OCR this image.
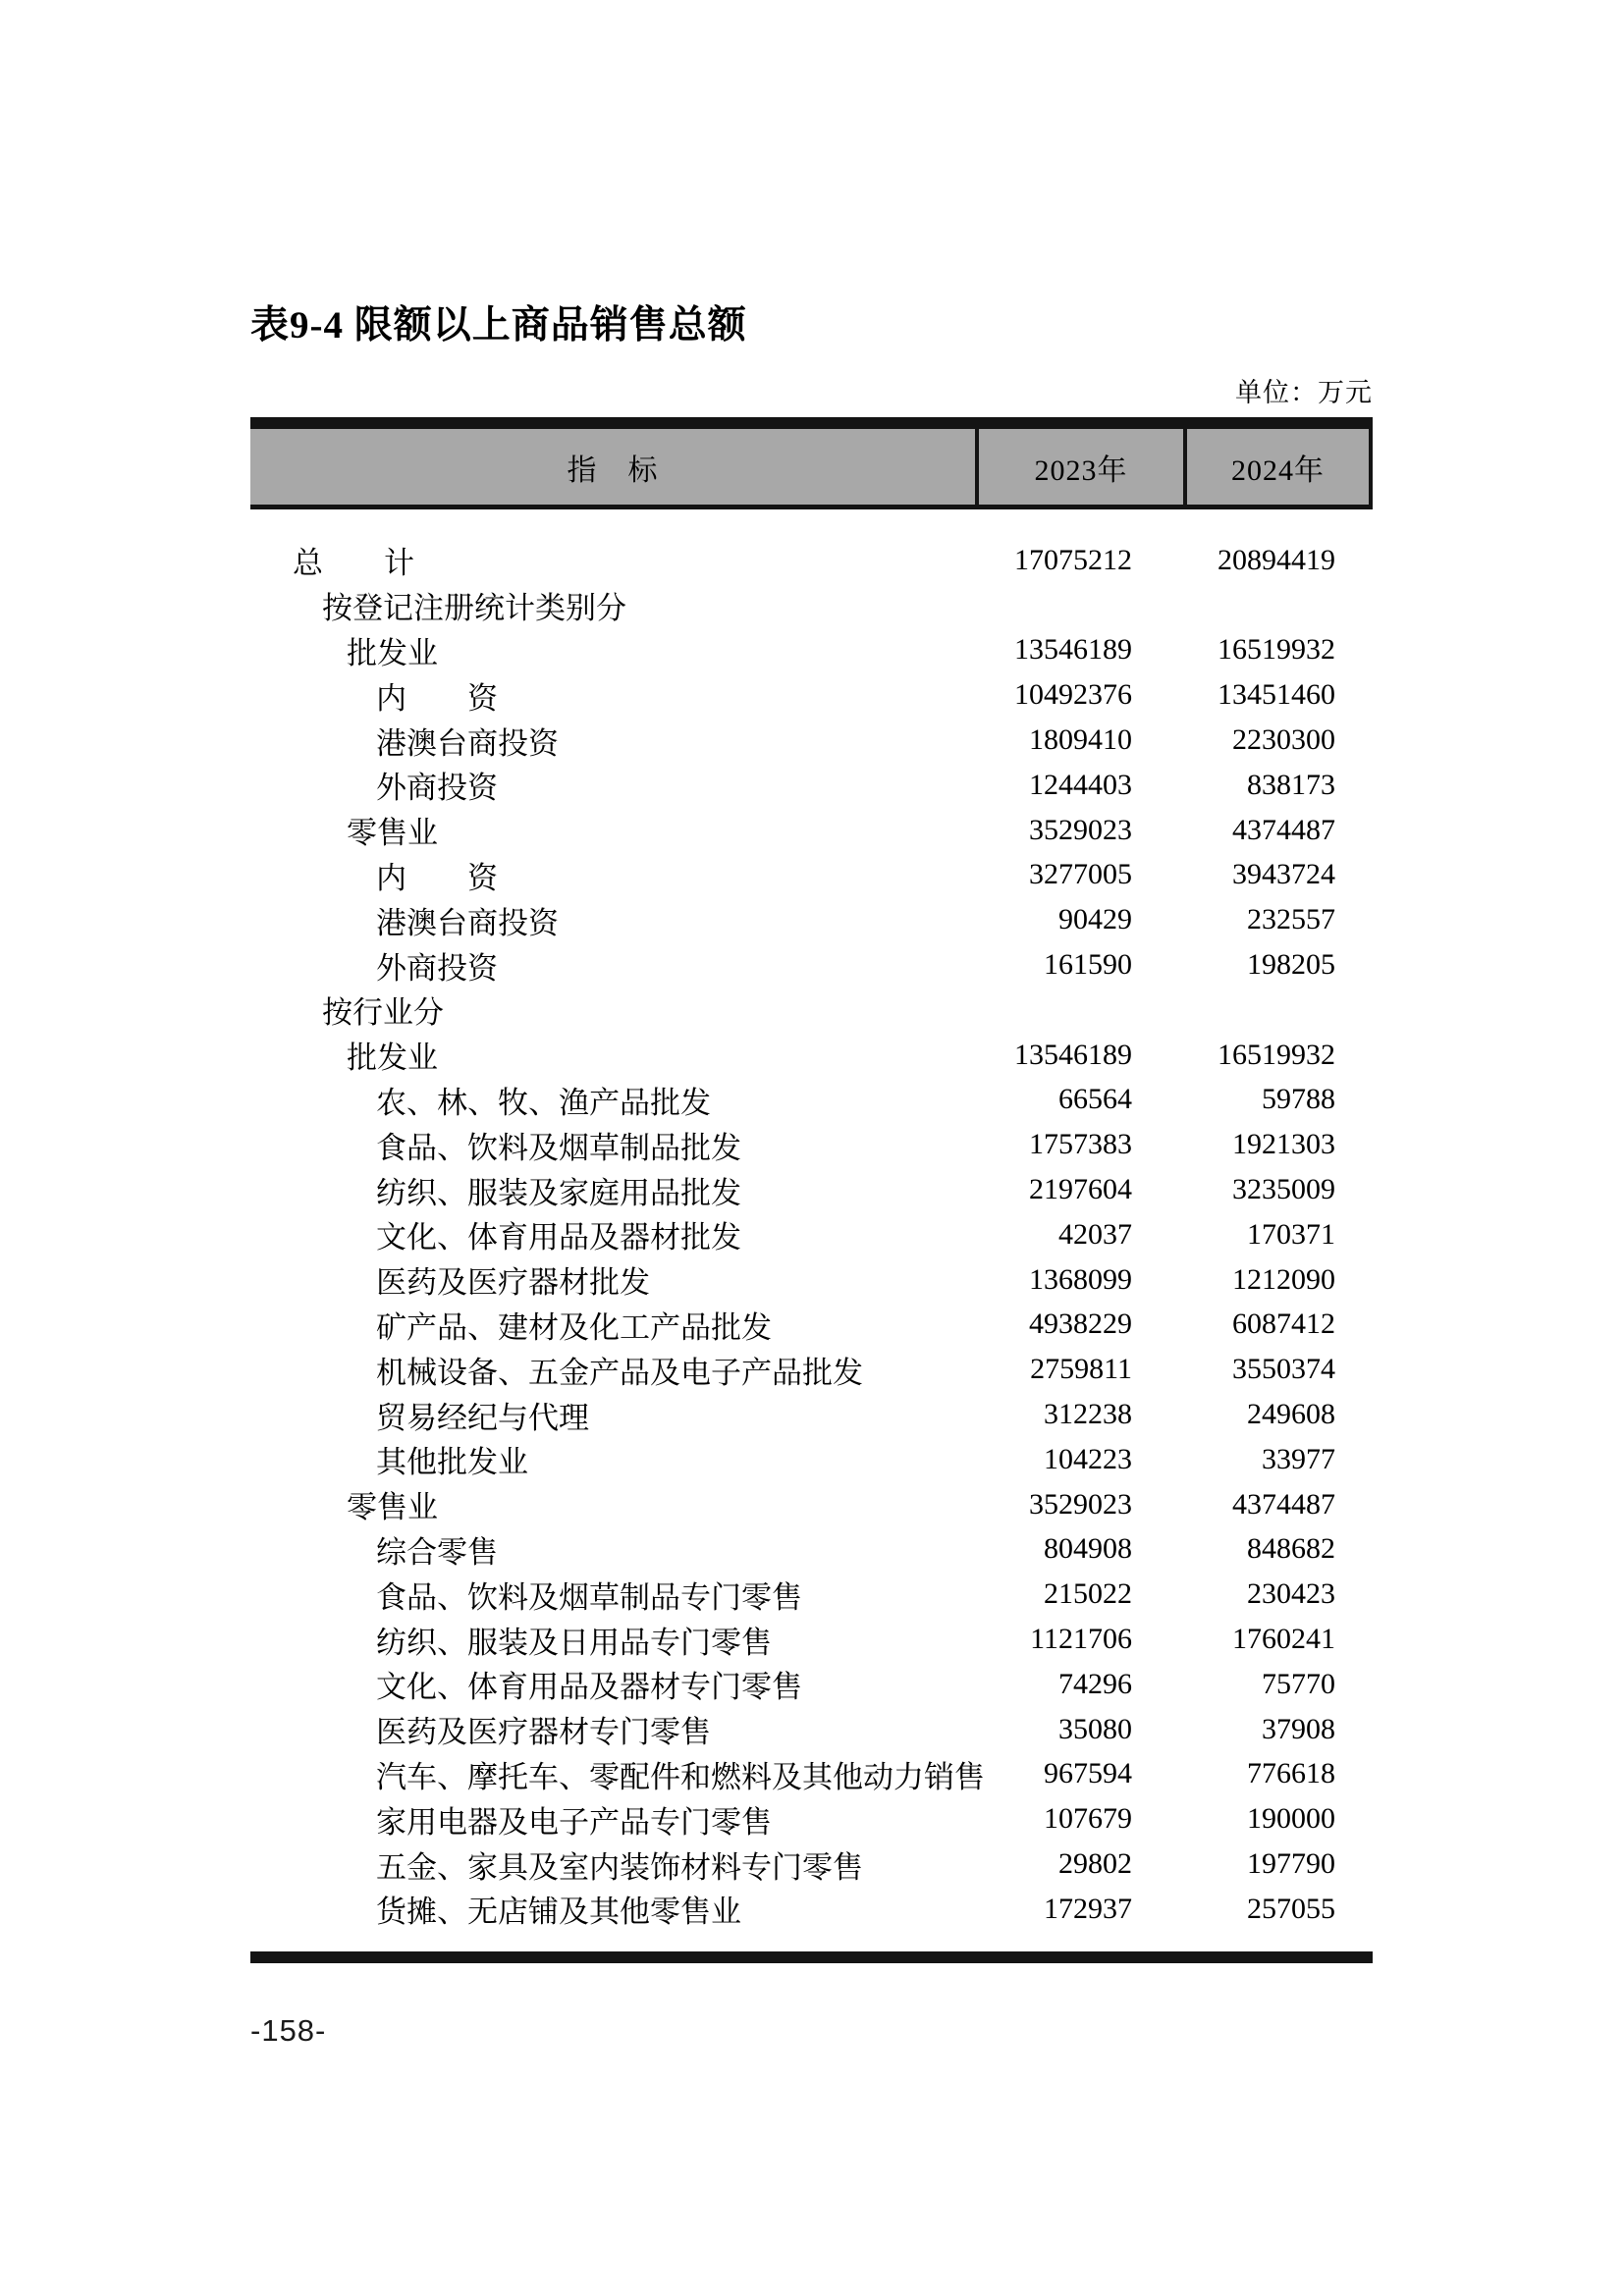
表9-4 限额以上商品销售总额
单位：万元
指　标	2023年	2024年
总　　计	17075212	20894419
按登记注册统计类别分
批发业	13546189	16519932
内　　资	10492376	13451460
港澳台商投资	1809410	2230300
外商投资	1244403	838173
零售业	3529023	4374487
内　　资	3277005	3943724
港澳台商投资	90429	232557
外商投资	161590	198205
按行业分
批发业	13546189	16519932
农、林、牧、渔产品批发	66564	59788
食品、饮料及烟草制品批发	1757383	1921303
纺织、服装及家庭用品批发	2197604	3235009
文化、体育用品及器材批发	42037	170371
医药及医疗器材批发	1368099	1212090
矿产品、建材及化工产品批发	4938229	6087412
机械设备、五金产品及电子产品批发	2759811	3550374
贸易经纪与代理	312238	249608
其他批发业	104223	33977
零售业	3529023	4374487
综合零售	804908	848682
食品、饮料及烟草制品专门零售	215022	230423
纺织、服装及日用品专门零售	1121706	1760241
文化、体育用品及器材专门零售	74296	75770
医药及医疗器材专门零售	35080	37908
汽车、摩托车、零配件和燃料及其他动力销售	967594	776618
家用电器及电子产品专门零售	107679	190000
五金、家具及室内装饰材料专门零售	29802	197790
货摊、无店铺及其他零售业	172937	257055
-158-
